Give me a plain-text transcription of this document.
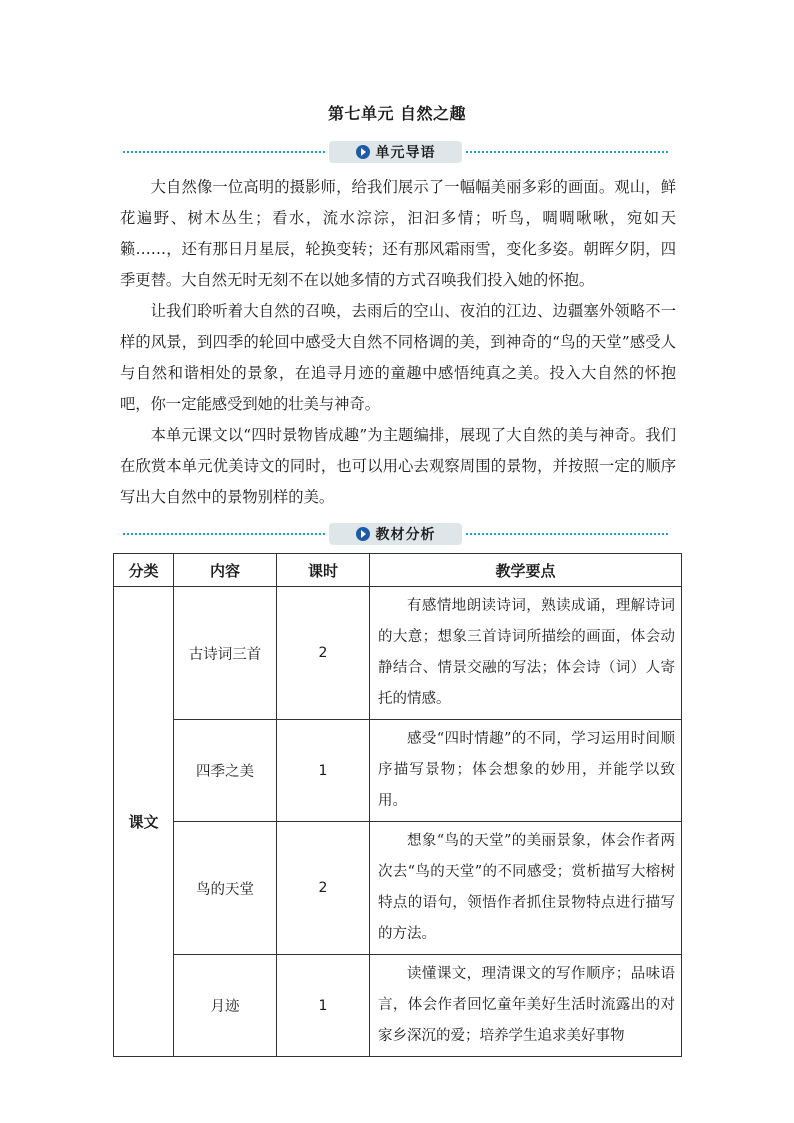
第七单元 自然之趣
单元导语

大自然像一位高明的摄影师，给我们展示了一幅幅美丽多彩的画面。观山，鲜花遍野、树木丛生；看水，流水淙淙，汩汩多情；听鸟，啁啁啾啾，宛如天籁……，还有那日月星辰，轮换变转；还有那风霜雨雪，变化多姿。朝晖夕阴，四季更替。大自然无时无刻不在以她多情的方式召唤我们投入她的怀抱。

让我们聆听着大自然的召唤，去雨后的空山、夜泊的江边、边疆塞外领略不一样的风景，到四季的轮回中感受大自然不同格调的美，到神奇的“鸟的天堂”感受人与自然和谐相处的景象，在追寻月迹的童趣中感悟纯真之美。投入大自然的怀抱吧，你一定能感受到她的壮美与神奇。

本单元课文以“四时景物皆成趣”为主题编排，展现了大自然的美与神奇。我们在欣赏本单元优美诗文的同时，也可以用心去观察周围的景物，并按照一定的顺序写出大自然中的景物别样的美。

教材分析
分类	内容	课时	教学要点
课文	古诗词三首	2	有感情地朗读诗词，熟读成诵，理解诗词的大意；想象三首诗词所描绘的画面，体会动静结合、情景交融的写法；体会诗（词）人寄托的情感。
	四季之美	1	感受“四时情趣”的不同，学习运用时间顺序描写景物；体会想象的妙用，并能学以致用。
	鸟的天堂	2	想象“鸟的天堂”的美丽景象，体会作者两次去“鸟的天堂”的不同感受；赏析描写大榕树特点的语句，领悟作者抓住景物特点进行描写的方法。
	月迹	1	读懂课文，理清课文的写作顺序；品味语言，体会作者回忆童年美好生活时流露出的对家乡深沉的爱；培养学生追求美好事物
